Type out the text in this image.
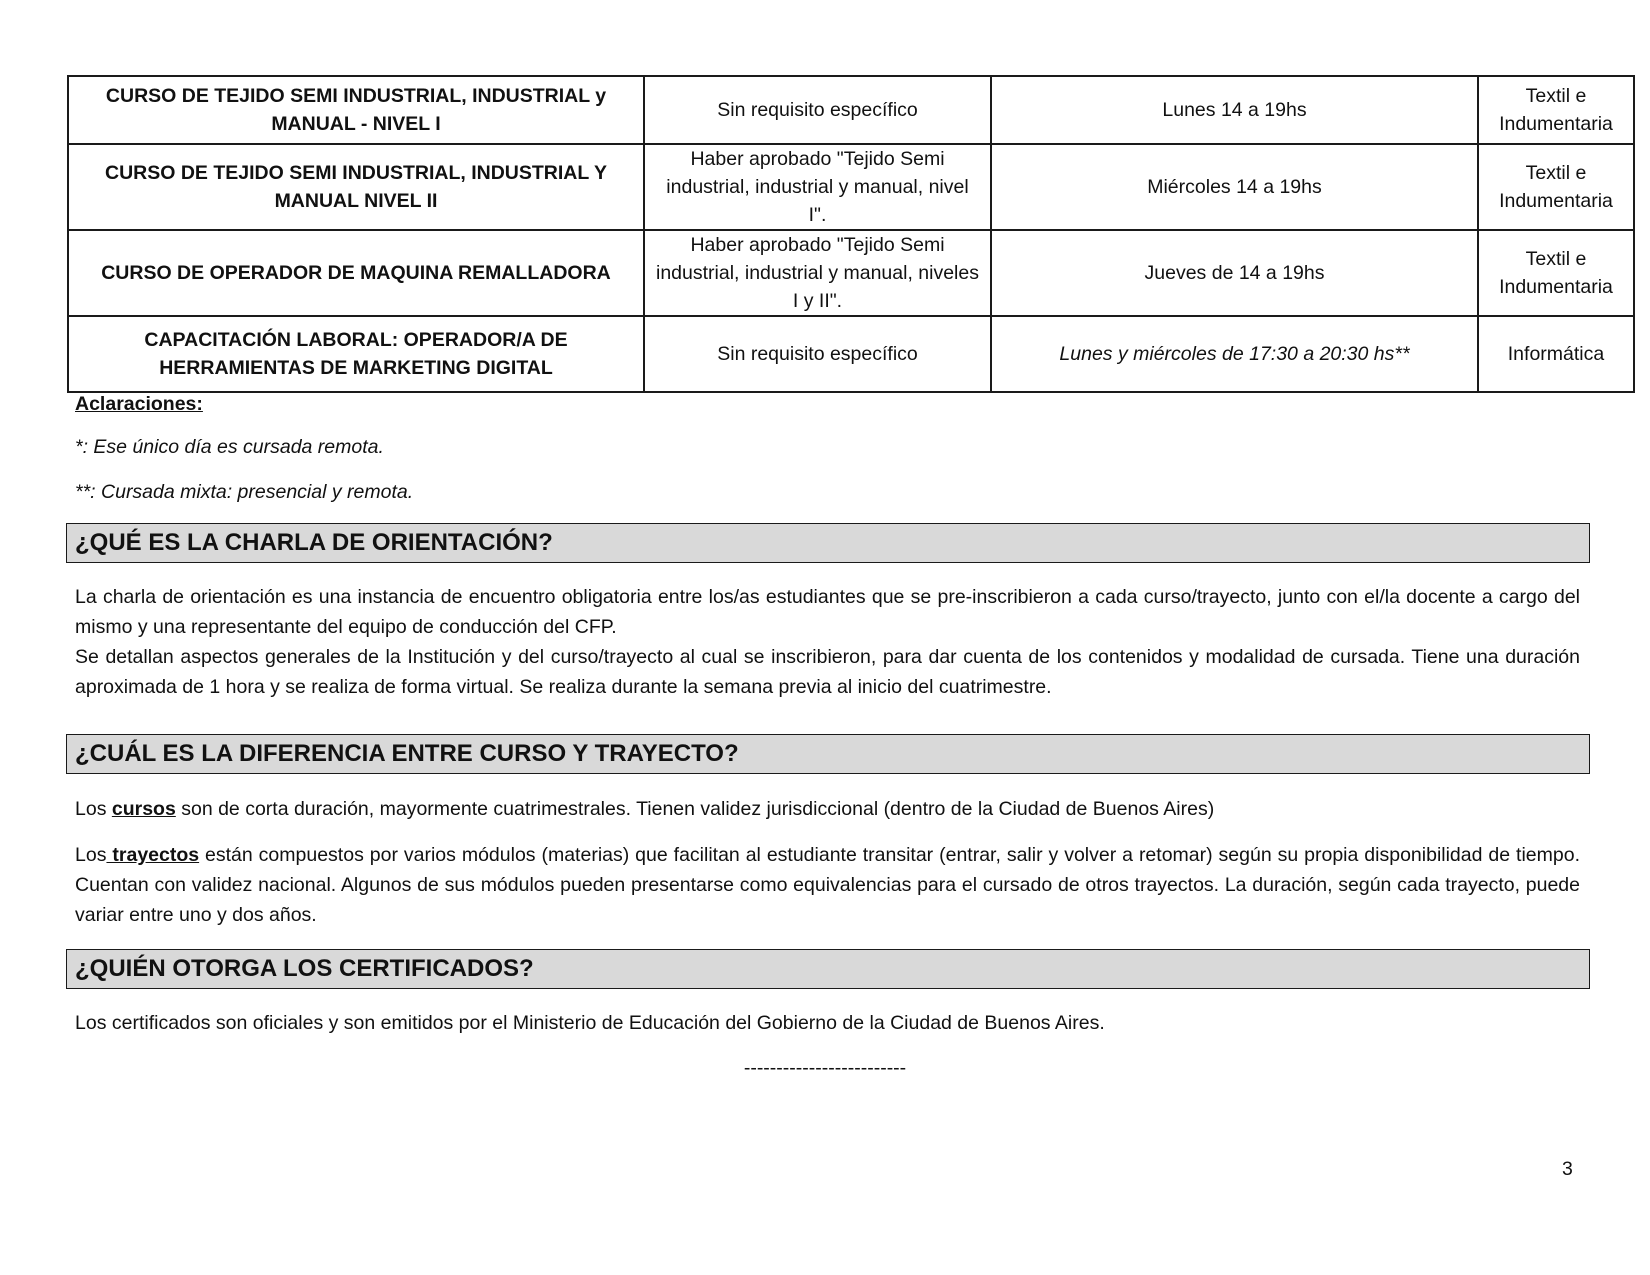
CURSO DE TEJIDO SEMI INDUSTRIAL, INDUSTRIAL y MANUAL - NIVEL I	Sin requisito específico	Lunes 14 a 19hs	Textil e Indumentaria
CURSO DE TEJIDO SEMI INDUSTRIAL, INDUSTRIAL Y MANUAL NIVEL II	Haber aprobado "Tejido Semi industrial, industrial y manual, nivel I".	Miércoles 14 a 19hs	Textil e Indumentaria
CURSO DE OPERADOR DE MAQUINA REMALLADORA	Haber aprobado "Tejido Semi industrial, industrial y manual, niveles I y II".	Jueves de 14 a 19hs	Textil e Indumentaria
CAPACITACIÓN LABORAL: OPERADOR/A DE HERRAMIENTAS DE MARKETING DIGITAL	Sin requisito específico	Lunes y miércoles de 17:30 a 20:30 hs**	Informática
Aclaraciones:
*: Ese único día es cursada remota.
**: Cursada mixta: presencial y remota.
¿QUÉ ES LA CHARLA DE ORIENTACIÓN?

La charla de orientación es una instancia de encuentro obligatoria entre los/as estudiantes que se pre-inscribieron a cada curso/trayecto, junto con el/la docente a cargo del mismo y una representante del equipo de conducción del CFP.

Se detallan aspectos generales de la Institución y del curso/trayecto al cual se inscribieron, para dar cuenta de los contenidos y modalidad de cursada. Tiene una duración aproximada de 1 hora y se realiza de forma virtual. Se realiza durante la semana previa al inicio del cuatrimestre.

¿CUÁL ES LA DIFERENCIA ENTRE CURSO Y TRAYECTO?

Los cursos son de corta duración, mayormente cuatrimestrales. Tienen validez jurisdiccional (dentro de la Ciudad de Buenos Aires)

Los trayectos están compuestos por varios módulos (materias) que facilitan al estudiante transitar (entrar, salir y volver a retomar) según su propia disponibilidad de tiempo. Cuentan con validez nacional. Algunos de sus módulos pueden presentarse como equivalencias para el cursado de otros trayectos. La duración, según cada trayecto, puede variar entre uno y dos años.

¿QUIÉN OTORGA LOS CERTIFICADOS?

Los certificados son oficiales y son emitidos por el Ministerio de Educación del Gobierno de la Ciudad de Buenos Aires.

-------------------------
3
